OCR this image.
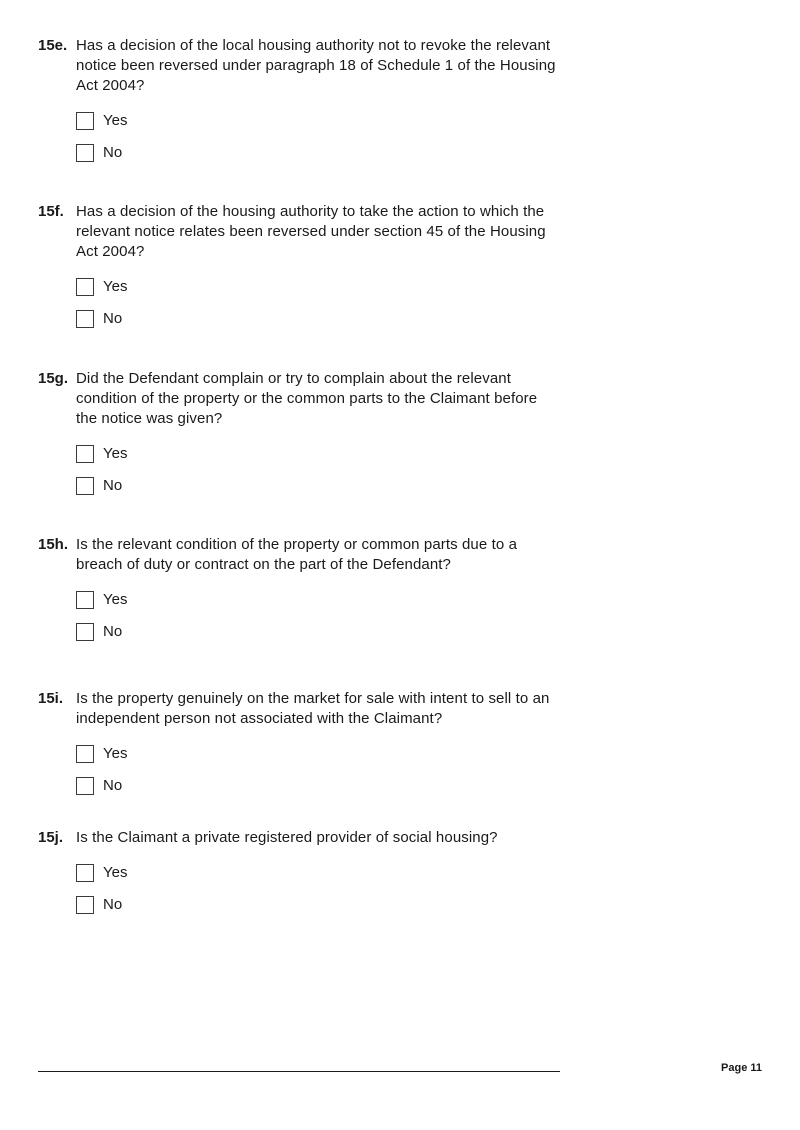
15e. Has a decision of the local housing authority not to revoke the relevant notice been reversed under paragraph 18 of Schedule 1 of the Housing Act 2004?
Yes
No
15f. Has a decision of the housing authority to take the action to which the relevant notice relates been reversed under section 45 of the Housing Act 2004?
Yes
No
15g. Did the Defendant complain or try to complain about the relevant condition of the property or the common parts to the Claimant before the notice was given?
Yes
No
15h. Is the relevant condition of the property or common parts due to a breach of duty or contract on the part of the Defendant?
Yes
No
15i. Is the property genuinely on the market for sale with intent to sell to an independent person not associated with the Claimant?
Yes
No
15j. Is the Claimant a private registered provider of social housing?
Yes
No
Page 11
